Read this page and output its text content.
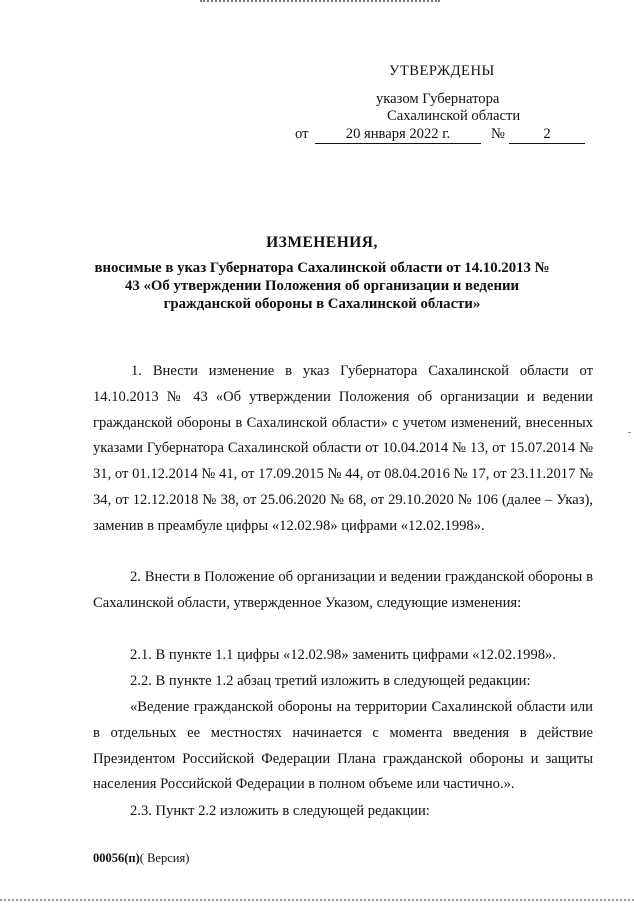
УТВЕРЖДЕНЫ
указом Губернатора
Сахалинской области
от	20 января 2022 г.	№	2
ИЗМЕНЕНИЯ,
вносимые в указ Губернатора Сахалинской области от 14.10.2013 № 43 «Об утверждении Положения об организации и ведении гражданской обороны в Сахалинской области»
1. Внести изменение в указ Губернатора Сахалинской области от 14.10.2013 № 43 «Об утверждении Положения об организации и ведении гражданской обороны в Сахалинской области» с учетом изменений, внесенных указами Губернатора Сахалинской области от 10.04.2014 № 13, от 15.07.2014 № 31, от 01.12.2014 № 41, от 17.09.2015 № 44, от 08.04.2016 № 17, от 23.11.2017 № 34, от 12.12.2018 № 38, от 25.06.2020 № 68, от 29.10.2020 № 106 (далее – Указ), заменив в преамбуле цифры «12.02.98» цифрами «12.02.1998».
2. Внести в Положение об организации и ведении гражданской обороны в Сахалинской области, утвержденное Указом, следующие изменения:
2.1. В пункте 1.1 цифры «12.02.98» заменить цифрами «12.02.1998».
2.2. В пункте 1.2 абзац третий изложить в следующей редакции:
«Ведение гражданской обороны на территории Сахалинской области или в отдельных ее местностях начинается с момента введения в действие Президентом Российской Федерации Плана гражданской обороны и защиты населения Российской Федерации в полном объеме или частично.».
2.3. Пункт 2.2 изложить в следующей редакции:
00056(п)( Версия)
